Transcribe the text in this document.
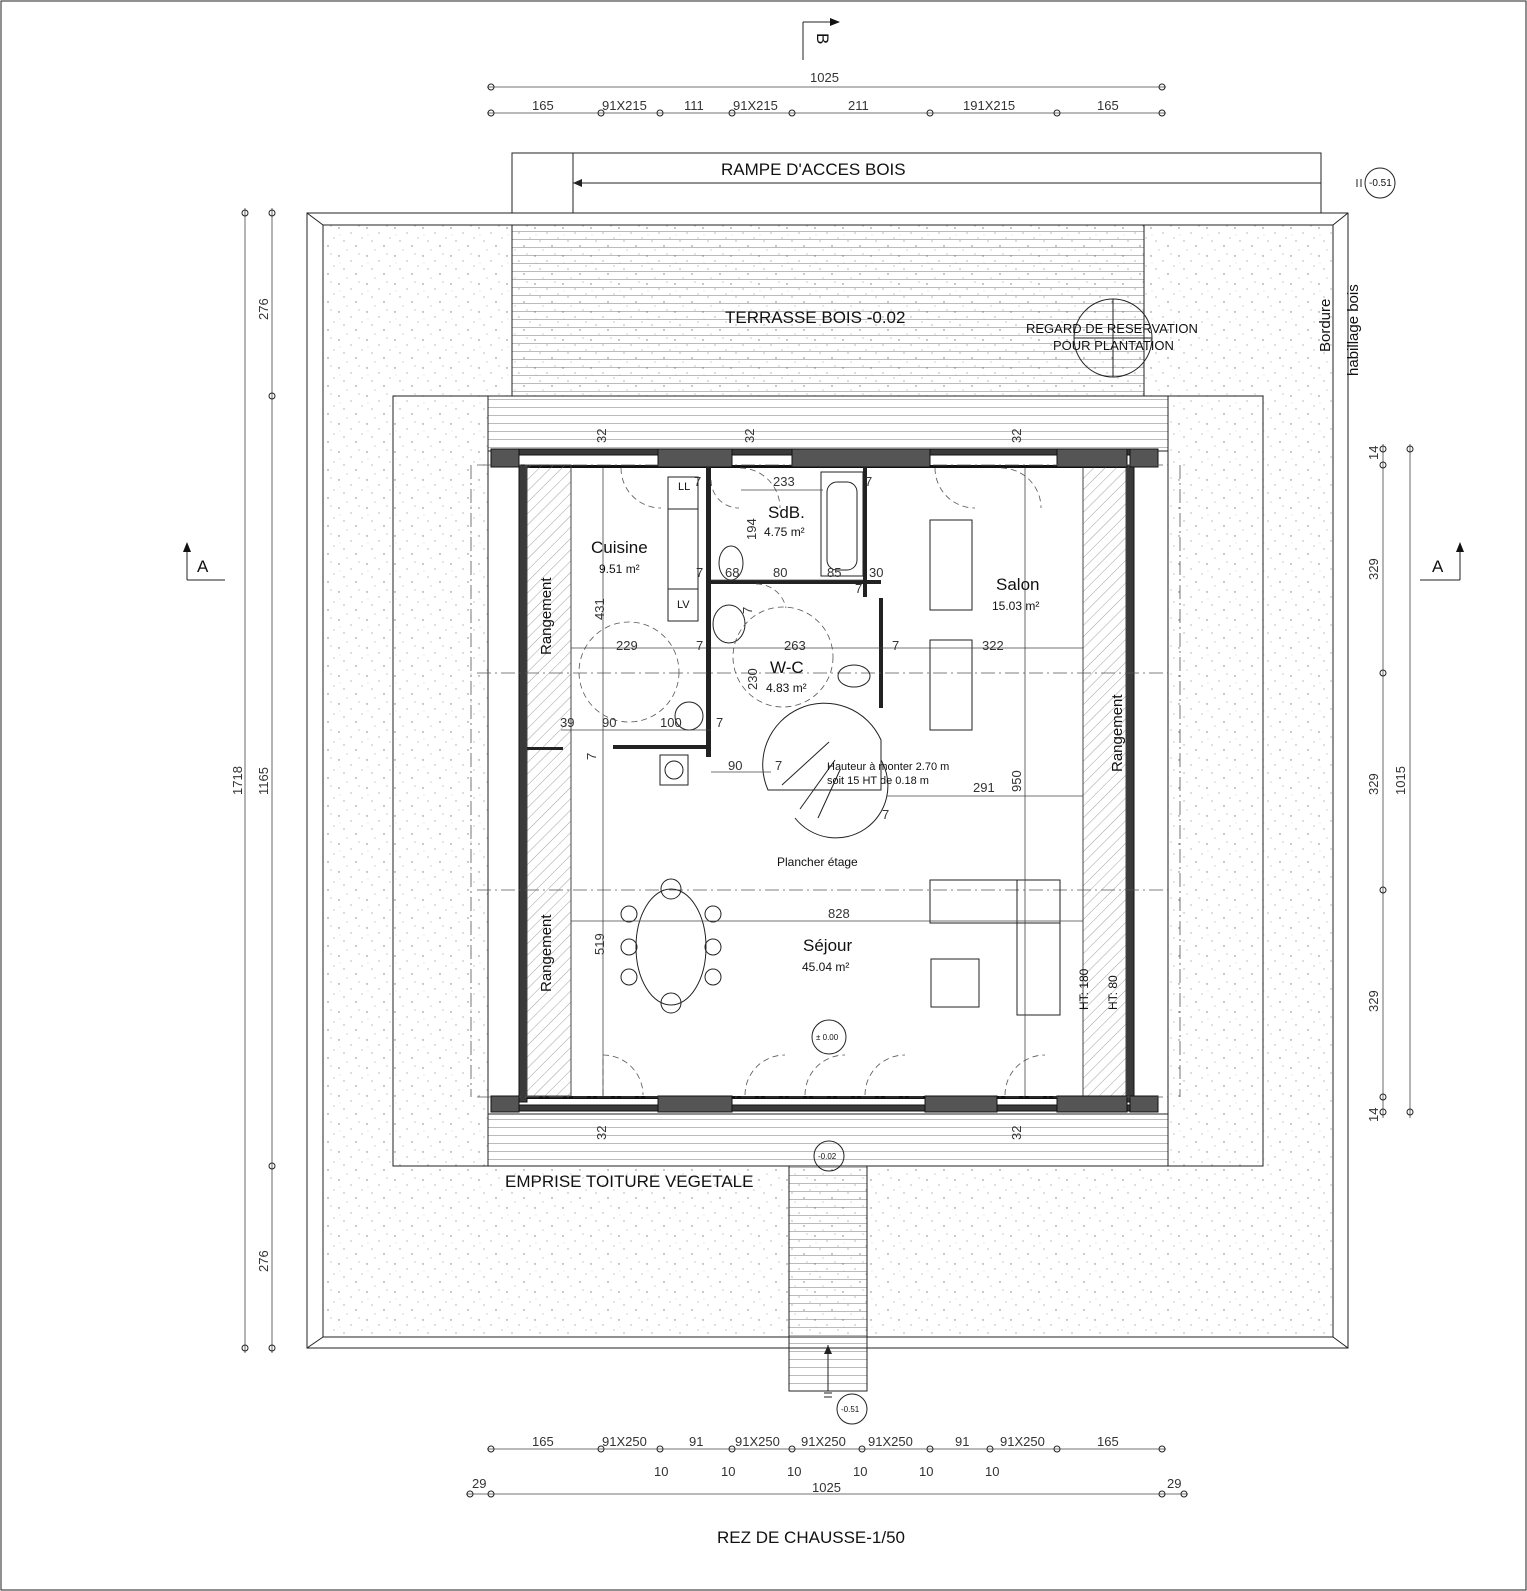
B
A	A
1025
165	91X215	111 91X215	211	191X215	165
RAMPE D'ACCES BOIS
-0.51
TERRASSE BOIS -0.02
REGARD DE RESERVATION
POUR PLANTATION	Bordure habillage bois
276
1718 1165
276
14
329
329 1015
329
14
32	32	32
32	32
233
194
7	7
68
7	80	85 30
7
7
431
229	7	263	7	322
230
39 90	100	7
7
90
291 950
828
519
Cuisine
9.51 m²
SdB.
4.75 m²
Salon
15.03 m²
W-C
4.83 m²
Séjour
45.04 m²
Rangement
Rangement
Rangement
LL
LV
Hauteur à monter 2.70 m
soit 15 HT de 0.18 m
7
7
Plancher étage
HT: 180 HT: 80
± 0.00
-0.02
-0.51
EMPRISE TOITURE VEGETALE
165	91X250	91 91X250 91X250 91X250	91 91X250	165
10	10	10	10	10	10
29	29
1025
REZ DE CHAUSSE-1/50
